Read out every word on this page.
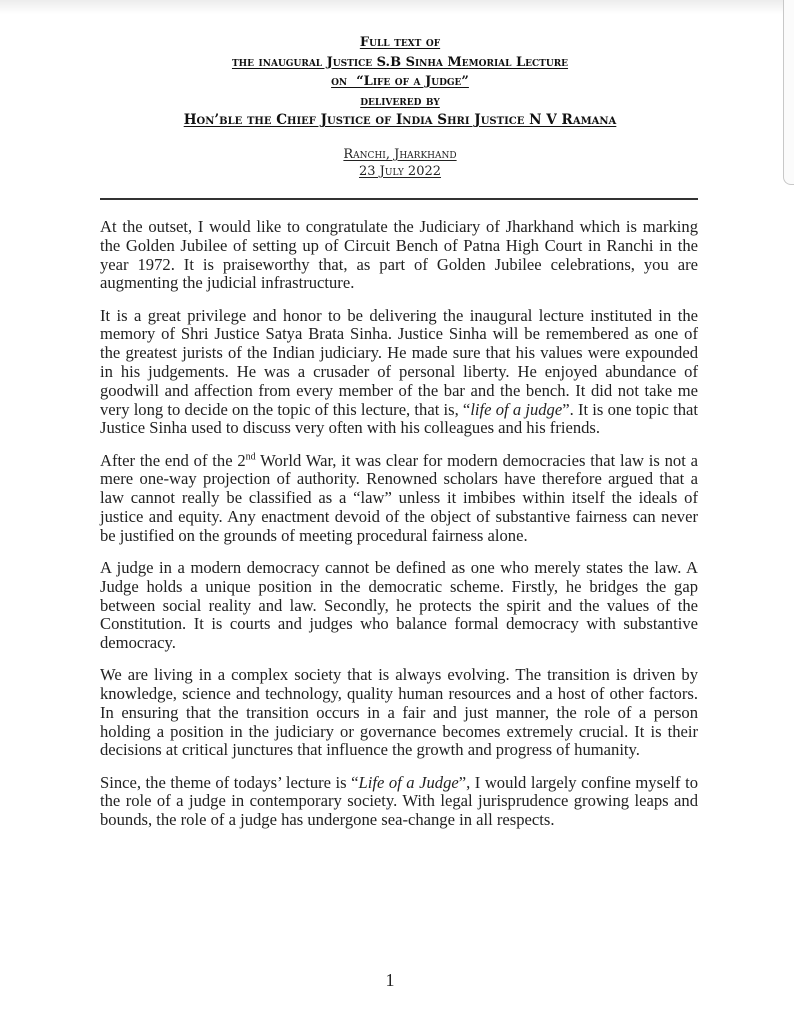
Full text of
the inaugural Justice S.B Sinha Memorial Lecture
on  “Life of a Judge”
delivered by
Hon’ble the Chief Justice of India Shri Justice N V Ramana
Ranchi, Jharkhand
23 July 2022

At the outset, I would like to congratulate the Judiciary of Jharkhand which is marking the Golden Jubilee of setting up of Circuit Bench of Patna High Court in Ranchi in the year 1972. It is praiseworthy that, as part of Golden Jubilee celebrations, you are augmenting the judicial infrastructure.

It is a great privilege and honor to be delivering the inaugural lecture instituted in the memory of Shri Justice Satya Brata Sinha. Justice Sinha will be remembered as one of the greatest jurists of the Indian judiciary. He made sure that his values were expounded in his judgements. He was a crusader of personal liberty. He enjoyed abundance of goodwill and affection from every member of the bar and the bench. It did not take me very long to decide on the topic of this lecture, that is, “life of a judge”. It is one topic that Justice Sinha used to discuss very often with his colleagues and his friends.

After the end of the 2nd World War, it was clear for modern democracies that law is not a mere one-way projection of authority. Renowned scholars have therefore argued that a law cannot really be classified as a “law” unless it imbibes within itself the ideals of justice and equity. Any enactment devoid of the object of substantive fairness can never be justified on the grounds of meeting procedural fairness alone.

A judge in a modern democracy cannot be defined as one who merely states the law. A Judge holds a unique position in the democratic scheme. Firstly, he bridges the gap between social reality and law. Secondly, he protects the spirit and the values of the Constitution. It is courts and judges who balance formal democracy with substantive democracy.

We are living in a complex society that is always evolving. The transition is driven by knowledge, science and technology, quality human resources and a host of other factors. In ensuring that the transition occurs in a fair and just manner, the role of a person holding a position in the judiciary or governance becomes extremely crucial. It is their decisions at critical junctures that influence the growth and progress of humanity.

Since, the theme of todays’ lecture is “Life of a Judge”, I would largely confine myself to the role of a judge in contemporary society. With legal jurisprudence growing leaps and bounds, the role of a judge has undergone sea-change in all respects.

1
